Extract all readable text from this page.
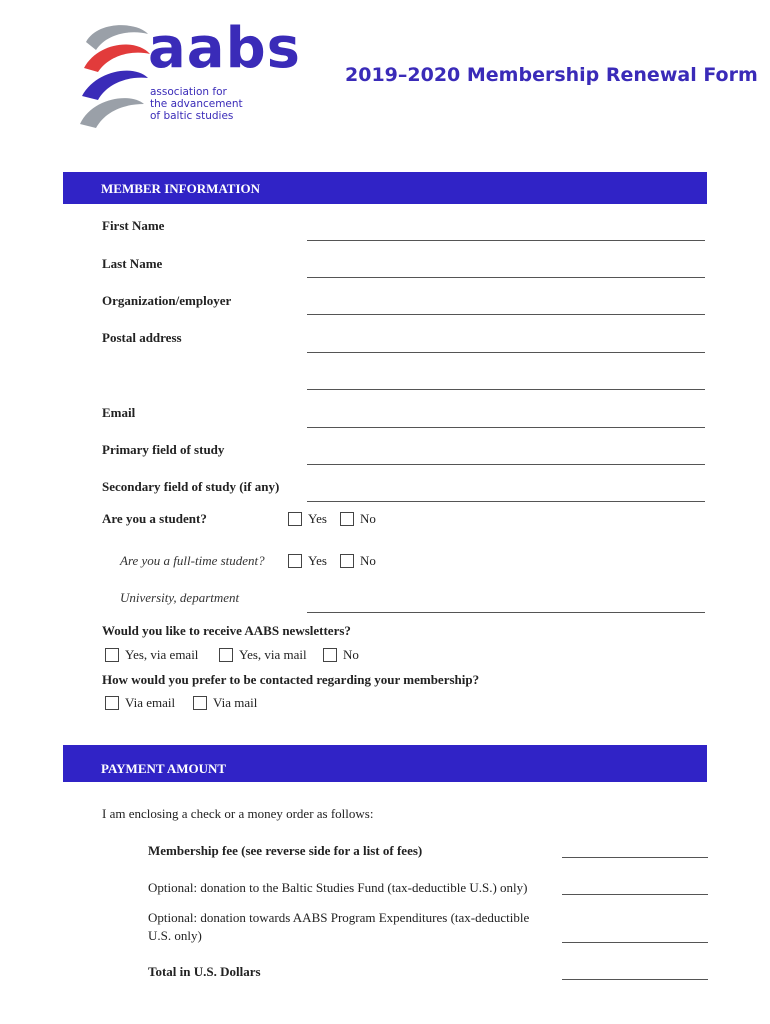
aabs
association for
the advancement
of baltic studies
2019–2020 Membership Renewal Form
MEMBER INFORMATION
First Name
Last Name
Organization/employer
Postal address
Email
Primary field of study
Secondary field of study (if any)
Are you a student?	Yes	No
Are you a full-time student?	Yes	No
University, department
Would you like to receive AABS newsletters?
Yes, via email	Yes, via mail	No
How would you prefer to be contacted regarding your membership?
Via email	Via mail
PAYMENT AMOUNT
I am enclosing a check or a money order as follows:
Membership fee (see reverse side for a list of fees)
Optional: donation to the Baltic Studies Fund (tax-deductible U.S.) only)
Optional: donation towards AABS Program Expenditures (tax-deductible
U.S. only)
Total in U.S. Dollars
